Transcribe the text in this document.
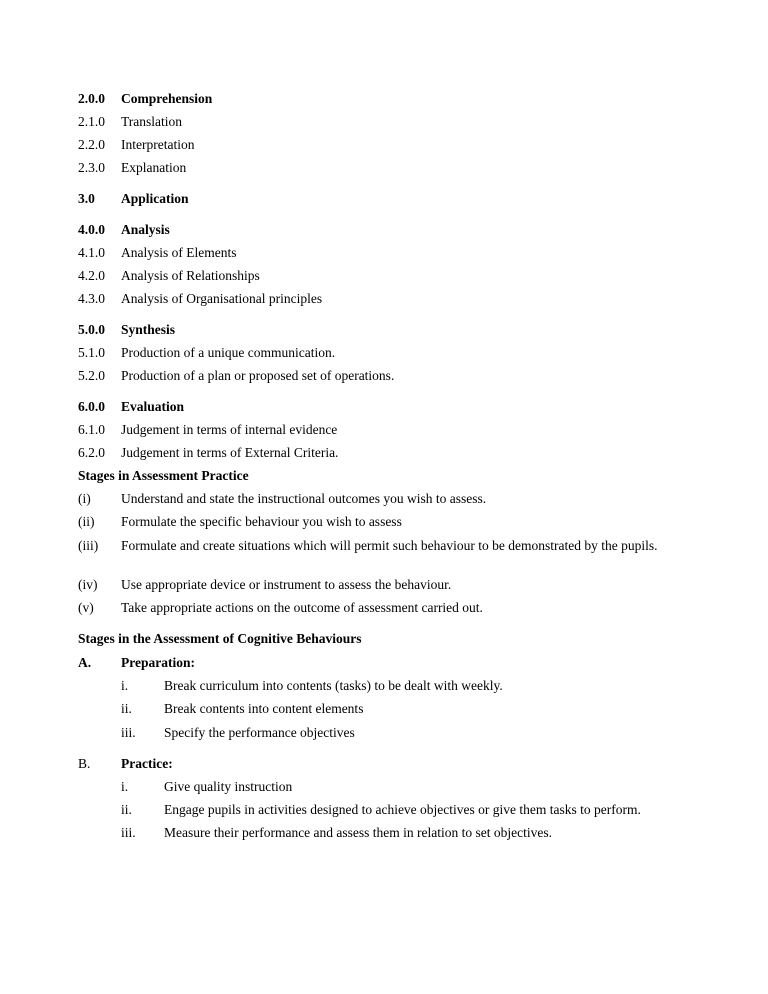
2.0.0 Comprehension
2.1.0 Translation
2.2.0 Interpretation
2.3.0 Explanation
3.0 Application
4.0.0 Analysis
4.1.0 Analysis of Elements
4.2.0 Analysis of Relationships
4.3.0 Analysis of Organisational principles
5.0.0 Synthesis
5.1.0 Production of a unique communication.
5.2.0 Production of a plan or proposed set of operations.
6.0.0 Evaluation
6.1.0 Judgement in terms of internal evidence
6.2.0 Judgement in terms of External Criteria.
Stages in Assessment Practice
(i) Understand and state the instructional outcomes you wish to assess.
(ii) Formulate the specific behaviour you wish to assess
(iii) Formulate and create situations which will permit such behaviour to be demonstrated by the pupils.
(iv) Use appropriate device or instrument to assess the behaviour.
(v) Take appropriate actions on the outcome of assessment carried out.
Stages in the Assessment of Cognitive Behaviours
A. Preparation:
i.	Break curriculum into contents (tasks) to be dealt with weekly.
ii. Break contents into content elements
iii. Specify the performance objectives
B. Practice:
i.	Give quality instruction
ii. Engage pupils in activities designed to achieve objectives or give them tasks to perform.
iii. Measure their performance and assess them in relation to set objectives.
